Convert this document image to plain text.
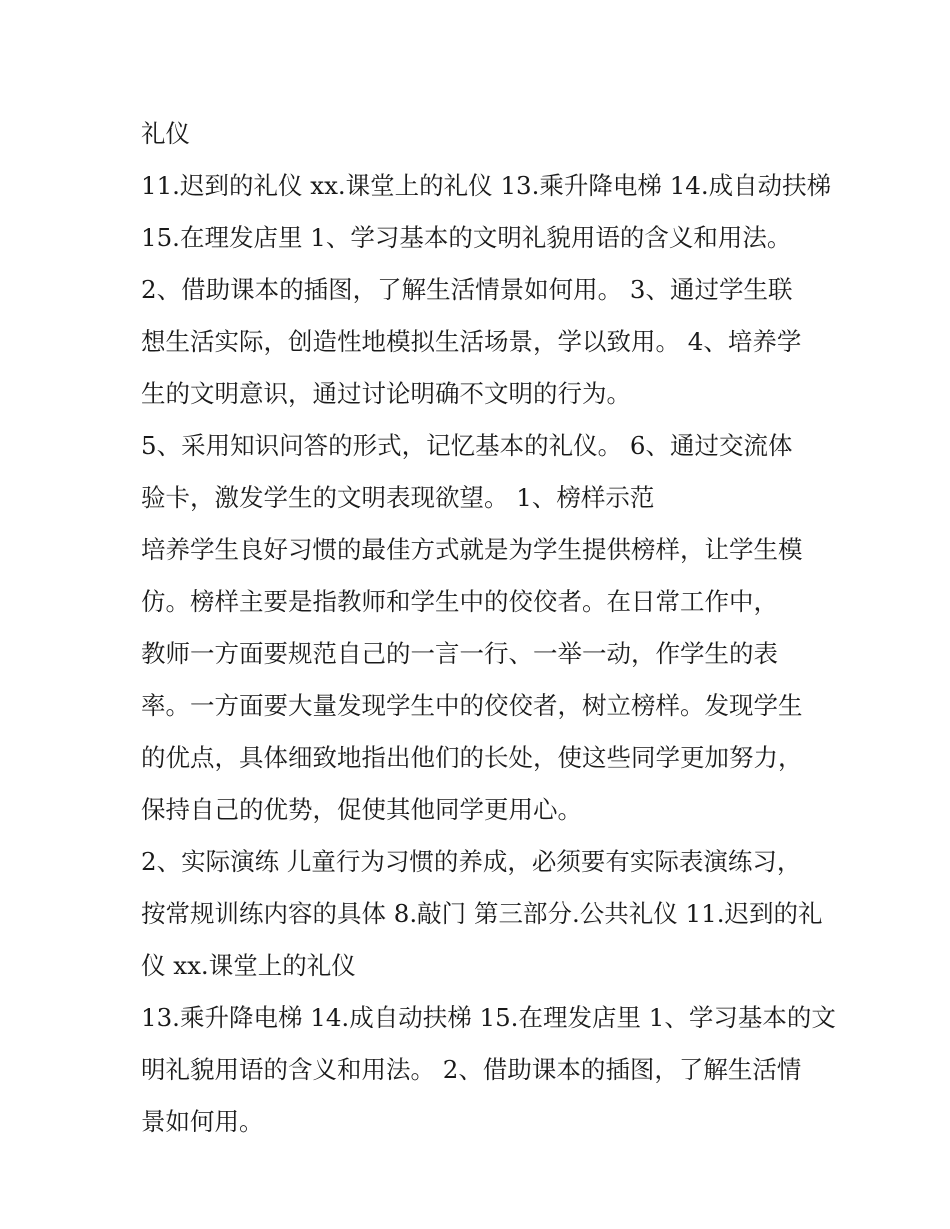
礼仪
11.迟到的礼仪 xx.课堂上的礼仪 13.乘升降电梯 14.成自动扶梯
15.在理发店里 1、学习基本的文明礼貌用语的含义和用法。
2、借助课本的插图，了解生活情景如何用。 3、通过学生联
想生活实际，创造性地模拟生活场景，学以致用。 4、培养学
生的文明意识，通过讨论明确不文明的行为。
5、采用知识问答的形式，记忆基本的礼仪。 6、通过交流体
验卡，激发学生的文明表现欲望。 1、榜样示范
培养学生良好习惯的最佳方式就是为学生提供榜样，让学生模
仿。榜样主要是指教师和学生中的佼佼者。在日常工作中，
教师一方面要规范自己的一言一行、一举一动，作学生的表
率。一方面要大量发现学生中的佼佼者，树立榜样。发现学生
的优点，具体细致地指出他们的长处，使这些同学更加努力，
保持自己的优势，促使其他同学更用心。
2、实际演练 儿童行为习惯的养成，必须要有实际表演练习，
按常规训练内容的具体 8.敲门 第三部分.公共礼仪 11.迟到的礼
仪 xx.课堂上的礼仪
13.乘升降电梯 14.成自动扶梯 15.在理发店里 1、学习基本的文
明礼貌用语的含义和用法。 2、借助课本的插图，了解生活情
景如何用。
